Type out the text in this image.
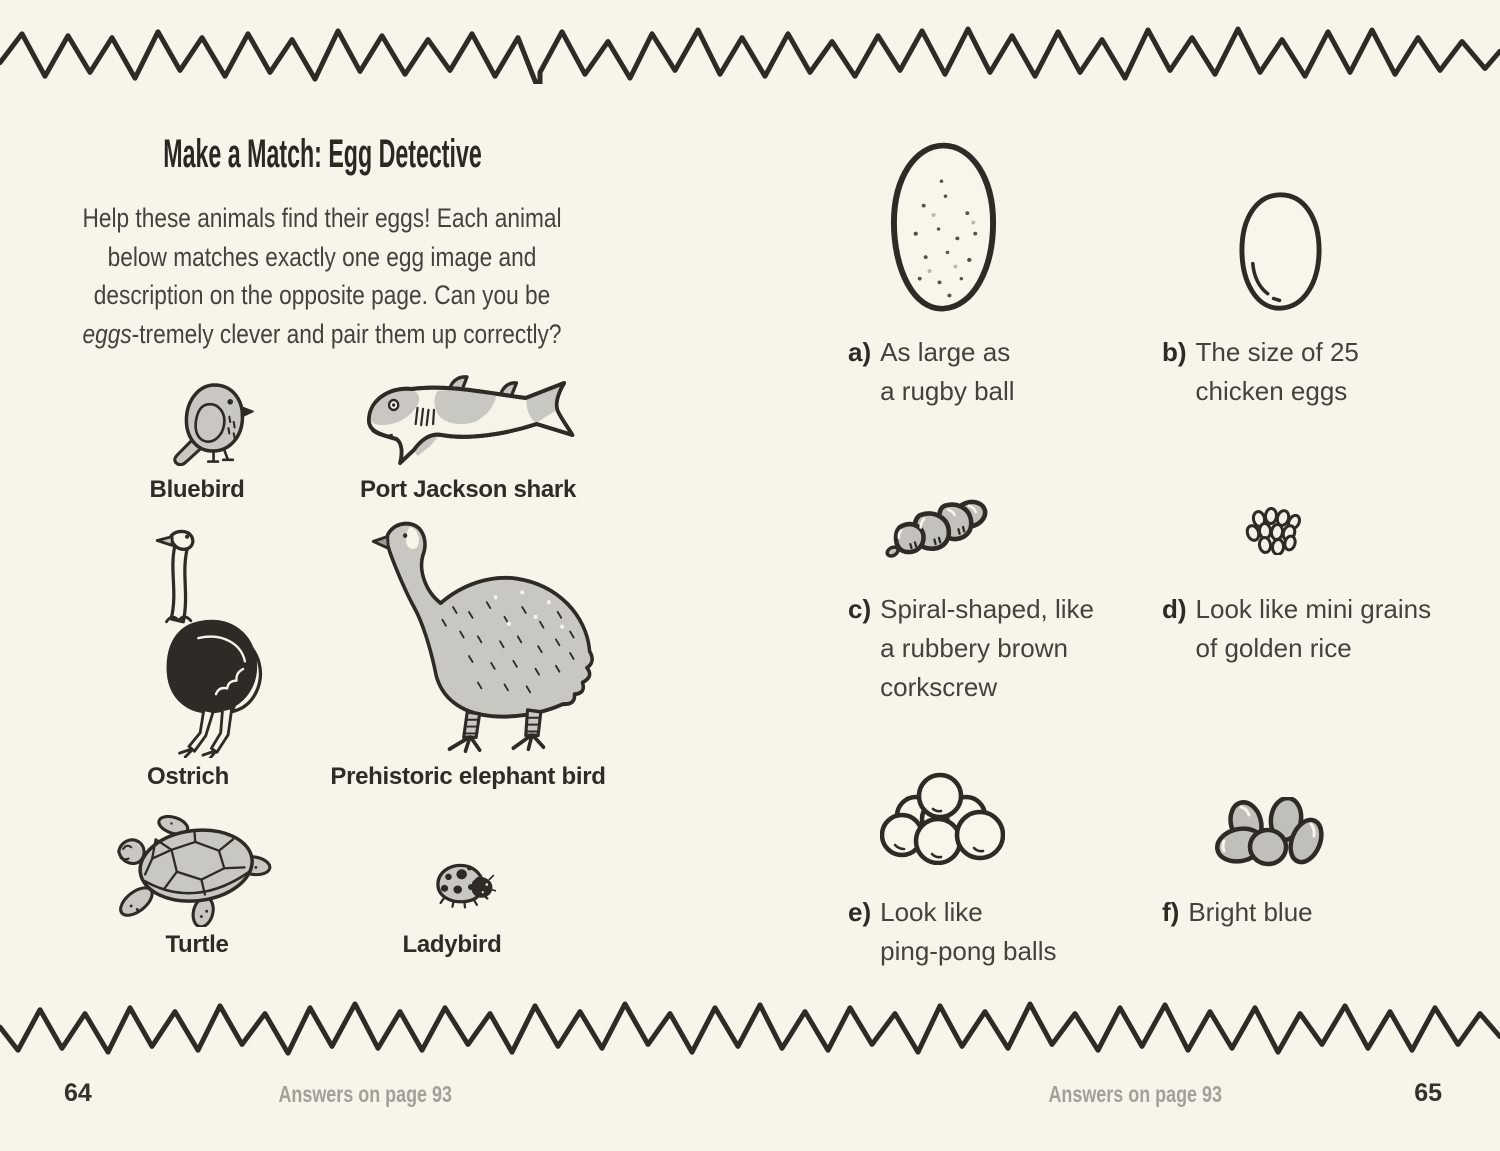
Make a Match: Egg Detective
Help these animals find their eggs! Each animal
below matches exactly one egg image and
description on the opposite page. Can you be
eggs-tremely clever and pair them up correctly?
Bluebird	Port Jackson shark
Ostrich	Prehistoric elephant bird
Turtle	Ladybird
64	Answers on page 93
a) As large as
a rugby ball
b) The size of 25
chicken eggs
c) Spiral-shaped, like
a rubbery brown
corkscrew
d) Look like mini grains
of golden rice
e) Look like
ping-pong balls
f) Bright blue
Answers on page 93	65
